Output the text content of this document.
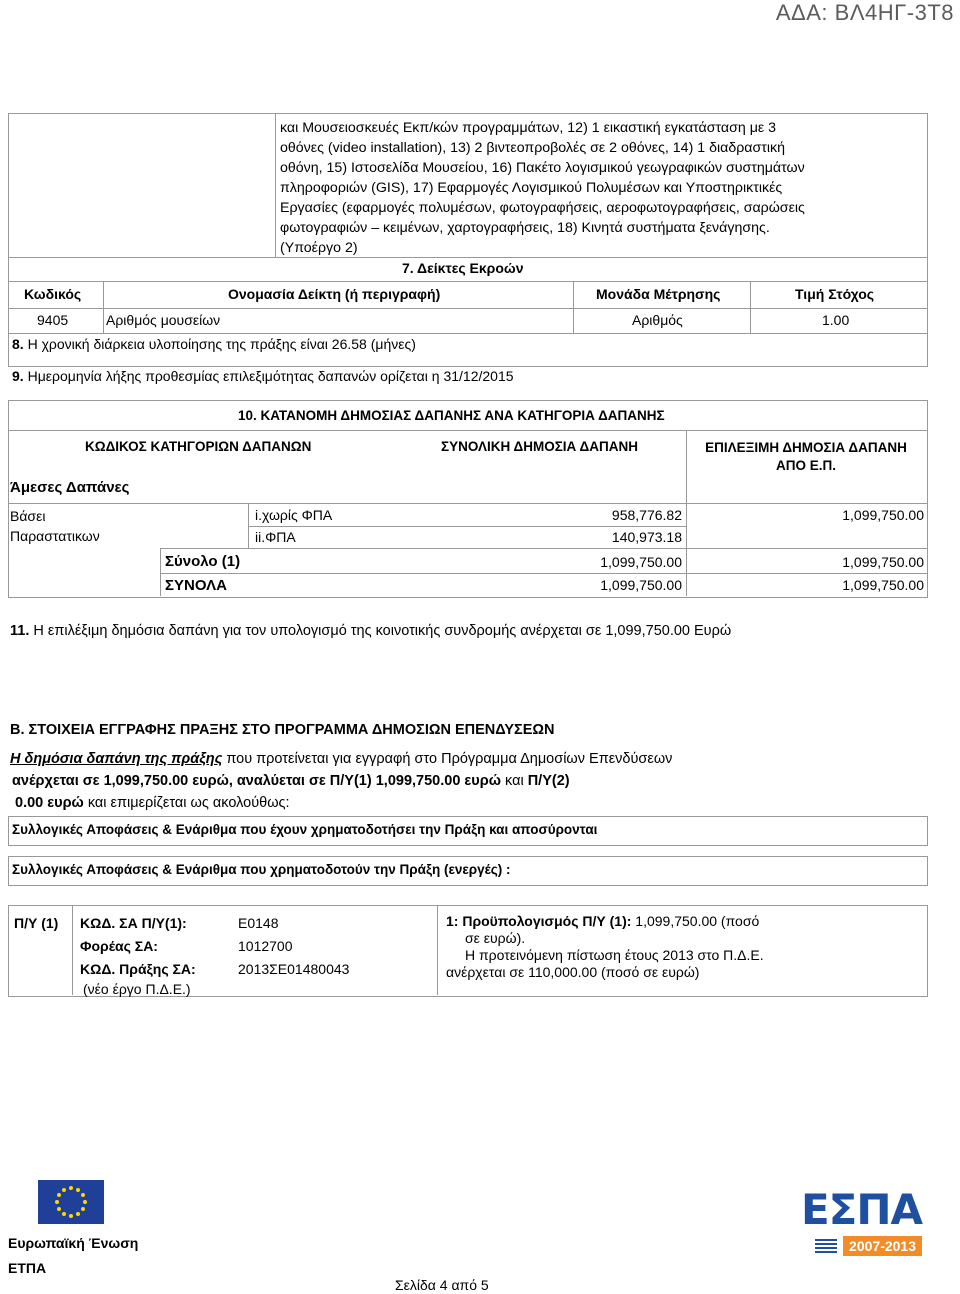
ΑΔΑ: ΒΛ4ΗΓ-3Τ8

και Μουσειοσκευές Εκπ/κών προγραμμάτων, 12) 1 εικαστική εγκατάσταση με 3

οθόνες (video installation), 13) 2 βιντεοπροβολές σε 2 οθόνες, 14) 1 διαδραστική

οθόνη, 15) Ιστοσελίδα Μουσείου, 16) Πακέτο λογισμικού γεωγραφικών συστημάτων

πληροφοριών (GIS), 17) Εφαρμογές Λογισμικού Πολυμέσων και Υποστηρικτικές

Εργασίες (εφαρμογές πολυμέσων, φωτογραφήσεις, αεροφωτογραφήσεις, σαρώσεις

φωτογραφιών – κειμένων, χαρτογραφήσεις, 18) Κινητά συστήματα ξενάγησης.

(Υποέργο 2)

7. Δείκτες Εκροών
Κωδικός	Ονομασία Δείκτη (ή περιγραφή)	Μονάδα Μέτρησης	Τιμή Στόχος
9405	Αριθμός μουσείων	Αριθμός	1.00
8. Η χρονική διάρκεια υλοποίησης της πράξης είναι 26.58 (μήνες)
9. Ημερομηνία λήξης προθεσμίας επιλεξιμότητας δαπανών ορίζεται η 31/12/2015
10. ΚΑΤΑΝΟΜΗ ΔΗΜΟΣΙΑΣ ΔΑΠΑΝΗΣ ΑΝΑ ΚΑΤΗΓΟΡΙΑ ΔΑΠΑΝΗΣ
ΚΩΔΙΚΟΣ ΚΑΤΗΓΟΡΙΩΝ ΔΑΠΑΝΩΝ	ΣΥΝΟΛΙΚΗ ΔΗΜΟΣΙΑ ΔΑΠΑΝΗ	ΕΠΙΛΕΞΙΜΗ ΔΗΜΟΣΙΑ ΔΑΠΑΝΗ
ΑΠΟ Ε.Π.
Άμεσες Δαπάνες
Βάσει
Παραστατικων
i.χωρίς ΦΠΑ	958,776.82	1,099,750.00
ii.ΦΠΑ	140,973.18
Σύνολο (1)	1,099,750.00	1,099,750.00
ΣΥΝΟΛΑ	1,099,750.00	1,099,750.00
11. Η επιλέξιμη δημόσια δαπάνη για τον υπολογισμό της κοινοτικής συνδρομής ανέρχεται σε 1,099,750.00 Ευρώ
Β. ΣΤΟΙΧΕΙΑ ΕΓΓΡΑΦΗΣ ΠΡΑΞΗΣ ΣΤΟ ΠΡΟΓΡΑΜΜΑ ΔΗΜΟΣΙΩΝ ΕΠΕΝΔΥΣΕΩΝ
Η δημόσια δαπάνη της πράξης που προτείνεται για εγγραφή στο Πρόγραμμα Δημοσίων Επενδύσεων
ανέρχεται σε 1,099,750.00 ευρώ, αναλύεται σε Π/Υ(1) 1,099,750.00 ευρώ και Π/Υ(2)
0.00 ευρώ και επιμερίζεται ως ακολούθως:
Συλλογικές Αποφάσεις & Ενάριθμα που έχουν χρηματοδοτήσει την Πράξη και αποσύρονται
Συλλογικές Αποφάσεις & Ενάριθμα που χρηματοδοτούν την Πράξη (ενεργές) :
Π/Υ (1) ΚΩΔ. ΣΑ Π/Υ(1):	Ε0148
Φορέας ΣΑ:	1012700
ΚΩΔ. Πράξης ΣΑ:	2013ΣΕ01480043
(νέο έργο Π.Δ.Ε.)
1: Προϋπολογισμός Π/Υ (1): 1,099,750.00 (ποσό
σε ευρώ).
Η προτεινόμενη πίστωση έτους 2013 στο Π.Δ.Ε.
ανέρχεται σε 110,000.00 (ποσό σε ευρώ)
Ευρωπαϊκή Ένωση
ΕΤΠΑ
Σελίδα 4 από 5
ΕΣΠΑ
2007-2013
